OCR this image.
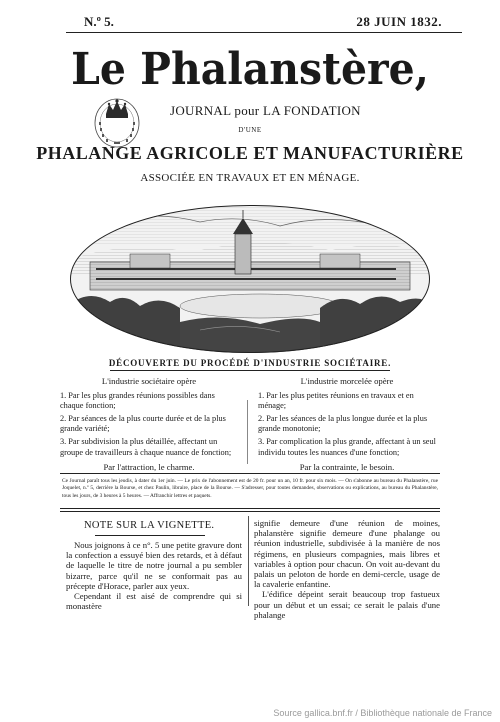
N.º 5.	28 JUIN 1832.
Le Phalanstère,
JOURNAL pour LA FONDATION
D'UNE
PHALANGE AGRICOLE ET MANUFACTURIÈRE
ASSOCIÉE EN TRAVAUX ET EN MÉNAGE.
DÉCOUVERTE DU PROCÉDÉ D'INDUSTRIE SOCIÉTAIRE.

L'industrie sociétaire opère

1. Par les plus grandes réunions possibles dans chaque fonction;

2. Par séances de la plus courte durée et de la plus grande variété;

3. Par subdivision la plus détaillée, affectant un groupe de travailleurs à chaque nuance de fonction;

Par l'attraction, le charme.

L'industrie morcelée opère

1. Par les plus petites réunions en travaux et en ménage;

2. Par les séances de la plus longue durée et la plus grande monotonie;

3. Par complication la plus grande, affectant à un seul individu toutes les nuances d'une fonction;

Par la contrainte, le besoin.

Ce Journal paraît tous les jeudis, à dater du 1er juin. — Le prix de l'abonnement est de 20 fr. pour un an, 10 fr. pour six mois. — On s'abonne au bureau du Phalanstère, rue Joquelet, n.º 5, derrière la Bourse, et chez Paulin, libraire, place de la Bourse. — S'adresser, pour toutes demandes, observations ou explications, au bureau du Phalanstère, tous les jours, de 3 heures à 5 heures. — Affranchir lettres et paquets.
NOTE SUR LA VIGNETTE.

Nous joignons à ce n°. 5 une petite gravure dont la confection a essuyé bien des retards, et à défaut de laquelle le titre de notre journal a pu sembler bizarre, parce qu'il ne se conformait pas au précepte d'Horace, parler aux yeux.

Cependant il est aisé de comprendre qui si monastère

signifie demeure d'une réunion de moines, phalanstère signifie demeure d'une phalange ou réunion industrielle, subdivisée à la manière de nos régimens, en plusieurs compagnies, mais libres et variables à option pour chacun. On voit au-devant du palais un peloton de horde en demi-cercle, usage de la cavalerie enfantine.

L'édifice dépeint serait beaucoup trop fastueux pour un début et un essai; ce serait le palais d'une phalange

Source gallica.bnf.fr / Bibliothèque nationale de France
